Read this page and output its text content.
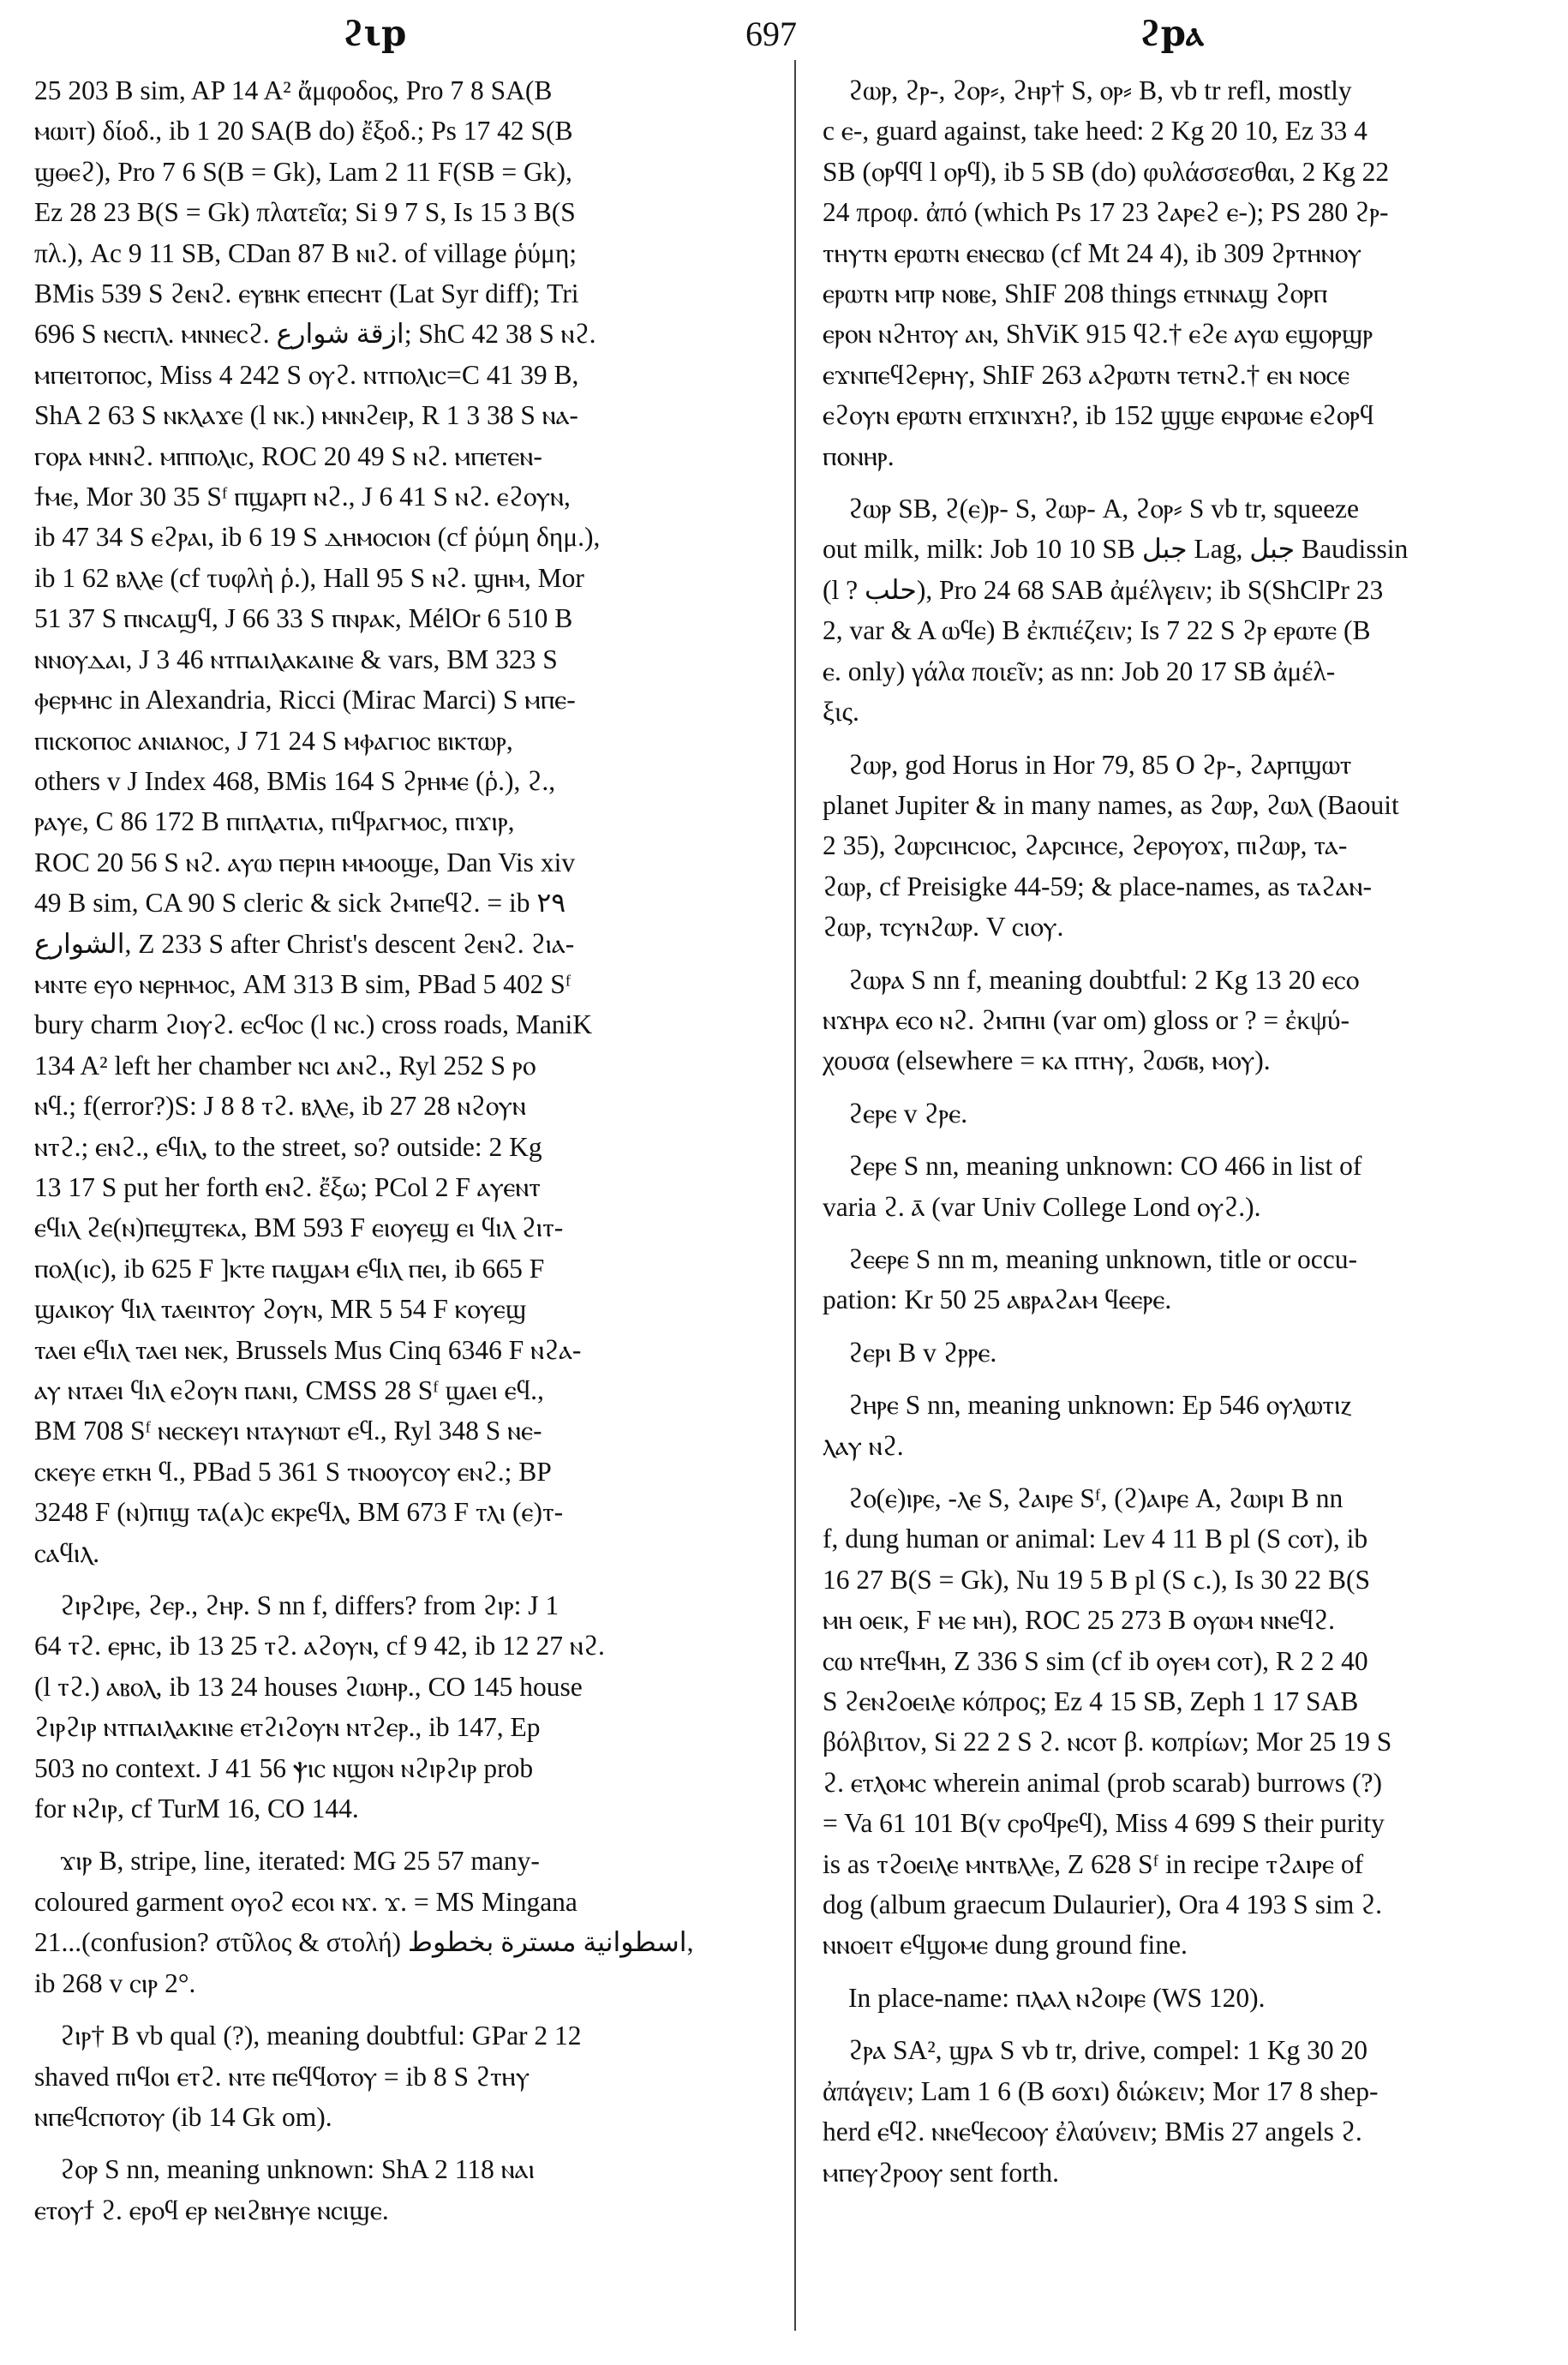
ϩιp	697	ϩpⲁ
25 203 B sim, AP 14 A² ἄμφοδος, Pro 7 8 SA(B
ⲙⲱⲓⲧ) δίοδ., ib 1 20 SA(B do) ἔξοδ.; Ps 17 42 S(B
ϣⲑⲉϩ), Pro 7 6 S(B = Gk), Lam 2 11 F(SB = Gk),
Ez 28 23 B(S = Gk) πλατεῖα; Si 9 7 S, Is 15 3 B(S
πλ.), Ac 9 11 SB, CDan 87 B ⲛⲓϩ. of village ῥύμη;
BMis 539 S ϩⲉⲛϩ. ⲉⲩⲃⲏⲕ ⲉⲡⲉⲥⲏⲧ (Lat Syr diff); Tri
696 S ⲛⲉⲥⲡⲗ. ⲙⲛⲛⲉⲥϩ. ازقة شوارع; ShC 42 38 S ⲛϩ.
ⲙⲡⲉⲓⲧⲟⲡⲟⲥ, Miss 4 242 S ⲟⲩϩ. ⲛⲧⲡⲟⲗⲓⲥ=C 41 39 B,
ShA 2 63 S ⲛⲕⲗⲁϫⲉ (l ⲛⲕ.) ⲙⲛⲛϩⲉⲓⲣ, R 1 3 38 S ⲛⲁ-
ⲅⲟⲣⲁ ⲙⲛⲛϩ. ⲙⲡⲡⲟⲗⲓⲥ, ROC 20 49 S ⲛϩ. ⲙⲡⲉⲧⲉⲛ-
ϯⲙⲉ, Mor 30 35 Sᶠ ⲡϣⲁⲣⲡ ⲛϩ., J 6 41 S ⲛϩ. ⲉϩⲟⲩⲛ,
ib 47 34 S ⲉϩⲣⲁⲓ, ib 6 19 S ⲇⲏⲙⲟⲥⲓⲟⲛ (cf ῥύμη δημ.),
ib 1 62 ⲃⲗⲗⲉ (cf τυφλὴ ῥ.), Hall 95 S ⲛϩ. ϣⲏⲙ, Mor
51 37 S ⲡⲛⲥⲁϣϥ, J 66 33 S ⲡⲛⲣⲁⲕ, MélOr 6 510 B
ⲛⲛⲟⲩⲇⲁⲓ, J 3 46 ⲛⲧⲡⲁⲓⲗⲁⲕⲁⲓⲛⲉ & vars, BM 323 S
ⲫⲉⲣⲙⲏⲥ in Alexandria, Ricci (Mirac Marci) S ⲙⲡⲉ-
ⲡⲓⲥⲕⲟⲡⲟⲥ ⲁⲛⲓⲁⲛⲟⲥ, J 71 24 S ⲙⲫⲁⲅⲓⲟⲥ ⲃⲓⲕⲧⲱⲣ,
others v J Index 468, BMis 164 S ϩⲣⲏⲙⲉ (ῥ.), ϩ.,
ⲣⲁⲩⲉ, C 86 172 B ⲡⲓⲡⲗⲁⲧⲓⲁ, ⲡⲓϥⲣⲁⲅⲙⲟⲥ, ⲡⲓϫⲓⲣ,
ROC 20 56 S ⲛϩ. ⲁⲩⲱ ⲡⲉⲣⲓⲏ ⲙⲙⲟⲟϣⲉ, Dan Vis xiv
49 B sim, CA 90 S cleric & sick ϩⲙⲡⲉϥϩ. = ib ٢٩
الشوارع, Z 233 S after Christ's descent ϩⲉⲛϩ. ϩⲓⲁ-
ⲙⲛⲧⲉ ⲉⲩⲟ ⲛⲉⲣⲏⲙⲟⲥ, AM 313 B sim, PBad 5 402 Sᶠ
bury charm ϩⲓⲟⲩϩ. ⲉⲥϥⲟⲥ (l ⲛⲥ.) cross roads, ManiK
134 A² left her chamber ⲛⲥⲓ ⲁⲛϩ., Ryl 252 S ⲣⲟ
ⲛϥ.; f(error?)S: J 8 8 ⲧϩ. ⲃⲗⲗⲉ, ib 27 28 ⲛϩⲟⲩⲛ
ⲛⲧϩ.; ⲉⲛϩ., ⲉϥⲓⲗ, to the street, so? outside: 2 Kg
13 17 S put her forth ⲉⲛϩ. ἔξω; PCol 2 F ⲁⲩⲉⲛⲧ
ⲉϥⲓⲗ ϩⲉ(ⲛ)ⲡⲉϣⲧⲉⲕⲁ, BM 593 F ⲉⲓⲟⲩⲉϣ ⲉⲓ ϥⲓⲗ ϩⲓⲧ-
ⲡⲟⲗ(ⲓⲥ), ib 625 F ]ⲕⲧⲉ ⲡⲁϣⲁⲙ ⲉϥⲓⲗ ⲡⲉⲓ, ib 665 F
ϣⲁⲓⲕⲟⲩ ϥⲓⲗ ⲧⲁⲉⲓⲛⲧⲟⲩ ϩⲟⲩⲛ, MR 5 54 F ⲕⲟⲩⲉϣ
ⲧⲁⲉⲓ ⲉϥⲓⲗ ⲧⲁⲉⲓ ⲛⲉⲕ, Brussels Mus Cinq 6346 F ⲛϩⲁ-
ⲁⲩ ⲛⲧⲁⲉⲓ ϥⲓⲗ ⲉϩⲟⲩⲛ ⲡⲁⲛⲓ, CMSS 28 Sᶠ ϣⲁⲉⲓ ⲉϥ.,
BM 708 Sᶠ ⲛⲉⲥⲕⲉⲩⲓ ⲛⲧⲁⲩⲛⲱⲧ ⲉϥ., Ryl 348 S ⲛⲉ-
ⲥⲕⲉⲩⲉ ⲉⲧⲕⲏ ϥ., PBad 5 361 S ⲧⲛⲟⲟⲩⲥⲟⲩ ⲉⲛϩ.; BP
3248 F (ⲛ)ⲡⲓϣ ⲧⲁ(ⲁ)ⲥ ⲉⲕⲣⲉϥⲗ, BM 673 F ⲧⲗⲓ (ⲉ)ⲧ-
ⲥⲁϥⲓⲗ.
ϩⲓⲣϩⲓⲣⲉ, ϩⲉⲣ., ϩⲏⲣ. S nn f, differs? from ϩⲓⲣ: J 1
64 ⲧϩ. ⲉⲣⲏⲥ, ib 13 25 ⲧϩ. ⲁϩⲟⲩⲛ, cf 9 42, ib 12 27 ⲛϩ.
(l ⲧϩ.) ⲁⲃⲟⲗ, ib 13 24 houses ϩⲓⲱⲏⲣ., CO 145 house
ϩⲓⲣϩⲓⲣ ⲛⲧⲡⲁⲓⲗⲁⲕⲓⲛⲉ ⲉⲧϩⲓϩⲟⲩⲛ ⲛⲧϩⲉⲣ., ib 147, Ep
503 no context. J 41 56 ⲯⲓⲥ ⲛϣⲟⲛ ⲛϩⲓⲣϩⲓⲣ prob
for ⲛϩⲓⲣ, cf TurM 16, CO 144.
ϫⲓⲣ B, stripe, line, iterated: MG 25 57 many-
coloured garment ⲟⲩⲟϩ ⲉⲥⲟⲓ ⲛϫ. ϫ. = MS Mingana
21...(confusion? στῦλος & στολή) اسطوانية مسترة بخطوط,
ib 268 v ⲥⲓⲣ 2°.
ϩⲓⲣ† B vb qual (?), meaning doubtful: GPar 2 12
shaved ⲡⲓϥⲟⲓ ⲉⲧϩ. ⲛⲧⲉ ⲡⲉϥϥⲟⲧⲟⲩ = ib 8 S ϩⲧⲏⲩ
ⲛⲡⲉϥⲥⲡⲟⲧⲟⲩ (ib 14 Gk om).
ϩⲟⲣ S nn, meaning unknown: ShA 2 118 ⲛⲁⲓ
ⲉⲧⲟⲩϯ ϩ. ⲉⲣⲟϥ ⲉⲣ ⲛⲉⲓϩⲃⲏⲩⲉ ⲛⲥⲓϣⲉ.
ϩⲱⲣ, ϩⲣ-, ϩⲟⲣ⸗, ϩⲏⲣ† S, ⲟⲣ⸗ B, vb tr refl, mostly
c ⲉ-, guard against, take heed: 2 Kg 20 10, Ez 33 4
SB (ⲟⲣϥϥ l ⲟⲣϥ), ib 5 SB (do) φυλάσσεσθαι, 2 Kg 22
24 προφ. ἀπό (which Ps 17 23 ϩⲁⲣⲉϩ ⲉ-); PS 280 ϩⲣ-
ⲧⲏⲩⲧⲛ ⲉⲣⲱⲧⲛ ⲉⲛⲉⲥⲃⲱ (cf Mt 24 4), ib 309 ϩⲣⲧⲏⲛⲟⲩ
ⲉⲣⲱⲧⲛ ⲙⲡⲣ ⲛⲟⲃⲉ, ShIF 208 things ⲉⲧⲛⲛⲁϣ ϩⲟⲣⲡ
ⲉⲣⲟⲛ ⲛϩⲏⲧⲟⲩ ⲁⲛ, ShViK 915 ϥϩ.† ⲉϩⲉ ⲁⲩⲱ ⲉϣⲟⲣϣⲣ
ⲉϫⲛⲡⲉϥϩⲉⲣⲏⲩ, ShIF 263 ⲁϩⲣⲱⲧⲛ ⲧⲉⲧⲛϩ.† ⲉⲛ ⲛⲟⲥⲉ
ⲉϩⲟⲩⲛ ⲉⲣⲱⲧⲛ ⲉⲡϫⲓⲛϫⲏ?, ib 152 ϣϣⲉ ⲉⲛⲣⲱⲙⲉ ⲉϩⲟⲣϥ
ⲡⲟⲛⲏⲣ.
ϩⲱⲣ SB, ϩ(ⲉ)ⲣ- S, ϩⲱⲣ- A, ϩⲟⲣ⸗ S vb tr, squeeze
out milk, milk: Job 10 10 SB جبل Lag, جبل Baudissin
(l ? حلب), Pro 24 68 SAB ἀμέλγειν; ib S(ShClPr 23
2, var & A ⲱϥⲉ) B ἐκπιέζειν; Is 7 22 S ϩⲣ ⲉⲣⲱⲧⲉ (B
ⲉ. only) γάλα ποιεῖν; as nn: Job 20 17 SB ἀμέλ-
ξις.
ϩⲱⲣ, god Horus in Hor 79, 85 O ϩⲣ-, ϩⲁⲣⲡϣⲱⲧ
planet Jupiter & in many names, as ϩⲱⲣ, ϩⲱⲗ (Baouit
2 35), ϩⲱⲣⲥⲓⲏⲥⲓⲟⲥ, ϩⲁⲣⲥⲓⲏⲥⲉ, ϩⲉⲣⲟⲩⲟϫ, ⲡⲓϩⲱⲣ, ⲧⲁ-
ϩⲱⲣ, cf Preisigke 44-59; & place-names, as ⲧⲁϩⲁⲛ-
ϩⲱⲣ, ⲧⲥⲩⲛϩⲱⲣ. V ⲥⲓⲟⲩ.
ϩⲱⲣⲁ S nn f, meaning doubtful: 2 Kg 13 20 ⲉⲥⲟ
ⲛϫⲏⲣⲁ ⲉⲥⲟ ⲛϩ. ϩⲙⲡⲏⲓ (var om) gloss or ? = ἐκψύ-
χουσα (elsewhere = ⲕⲁ ⲡⲧⲏⲩ, ϩⲱϭⲃ, ⲙⲟⲩ).
ϩⲉⲣⲉ v ϩⲣⲉ.
ϩⲉⲣⲉ S nn, meaning unknown: CO 466 in list of
varia ϩ. ⲁ̄ (var Univ College Lond ⲟⲩϩ.).
ϩⲉⲉⲣⲉ S nn m, meaning unknown, title or occu-
pation: Kr 50 25 ⲁⲃⲣⲁϩⲁⲙ ϥⲉⲉⲣⲉ.
ϩⲉⲣⲓ B v ϩⲣⲣⲉ.
ϩⲏⲣⲉ S nn, meaning unknown: Ep 546 ⲟⲩⲗⲱⲧⲓⲍ
ⲗⲁⲩ ⲛϩ.
ϩⲟ(ⲉ)ⲓⲣⲉ, -ⲗⲉ S, ϩⲁⲓⲣⲉ Sᶠ, (ϩ)ⲁⲓⲣⲉ A, ϩⲱⲓⲣⲓ B nn
f, dung human or animal: Lev 4 11 B pl (S ⲥⲟⲧ), ib
16 27 B(S = Gk), Nu 19 5 B pl (S ϲ.), Is 30 22 B(S
ⲙⲏ ⲟⲉⲓⲕ, F ⲙⲉ ⲙⲏ), ROC 25 273 B ⲟⲩⲱⲙ ⲛⲛⲉϥϩ.
ⲥⲱ ⲛⲧⲉϥⲙⲏ, Z 336 S sim (cf ib ⲟⲩⲉⲙ ⲥⲟⲧ), R 2 2 40
S ϩⲉⲛϩⲟⲉⲓⲗⲉ κόπρος; Ez 4 15 SB, Zeph 1 17 SAB
βόλβιτον, Si 22 2 S ϩ. ⲛⲥⲟⲧ β. κοπρίων; Mor 25 19 S
ϩ. ⲉⲧⲗⲟⲙⲥ wherein animal (prob scarab) burrows (?)
= Va 61 101 B(v ⲥⲣⲟϥⲣⲉϥ), Miss 4 699 S their purity
is as ⲧϩⲟⲉⲓⲗⲉ ⲙⲛⲧⲃⲗⲗⲉ, Z 628 Sᶠ in recipe ⲧϩⲁⲓⲣⲉ of
dog (album graecum Dulaurier), Ora 4 193 S sim ϩ.
ⲛⲛⲟⲉⲓⲧ ⲉϥϣⲟⲙⲉ dung ground fine.
In place-name: ⲡⲗⲁⲗ ⲛϩⲟⲓⲣⲉ (WS 120).
ϩⲣⲁ SA², ϣⲣⲁ S vb tr, drive, compel: 1 Kg 30 20
ἀπάγειν; Lam 1 6 (B ϭⲟϫⲓ) διώκειν; Mor 17 8 shep-
herd ⲉϥϩ. ⲛⲛⲉϥⲉⲥⲟⲟⲩ ἐλαύνειν; BMis 27 angels ϩ.
ⲙⲡⲉⲩϩⲣⲟⲟⲩ sent forth.
